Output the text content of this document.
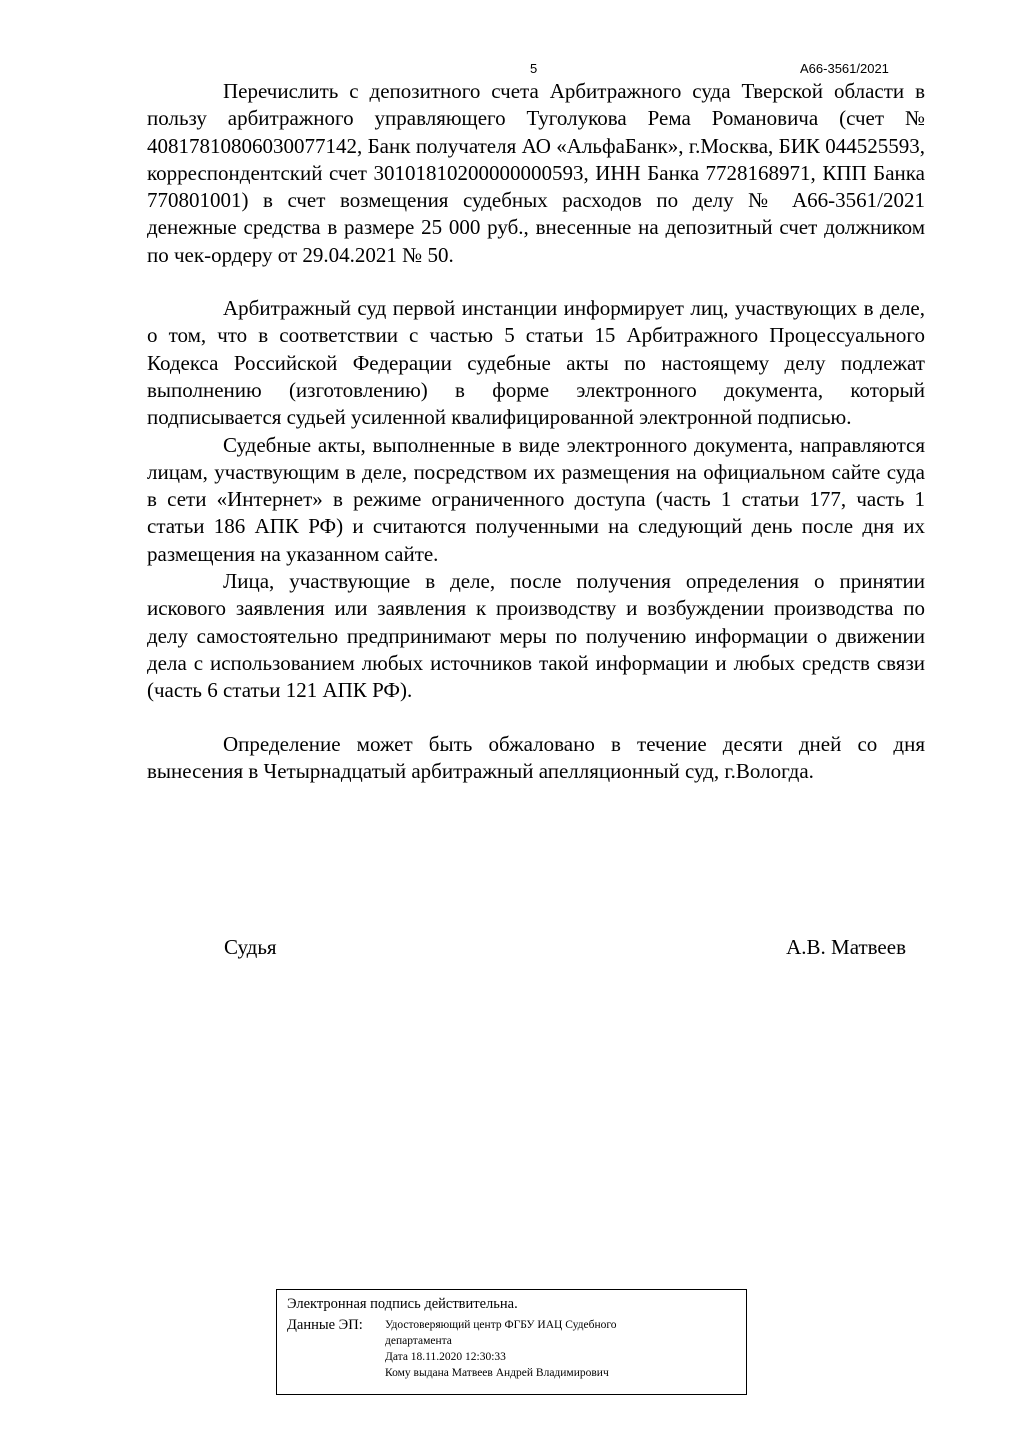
5	А66-3561/2021

Перечислить с депозитного счета Арбитражного суда Тверской области в пользу арбитражного управляющего Туголукова Рема Романовича (счет № 40817810806030077142, Банк получателя АО «АльфаБанк», г.Москва, БИК 044525593, корреспондентский счет 30101810200000000593, ИНН Банка 7728168971, КПП Банка 770801001) в счет возмещения судебных расходов по делу № А66-3561/2021 денежные средства в размере 25 000 руб., внесенные на депозитный счет должником по чек-ордеру от 29.04.2021 № 50.

Арбитражный суд первой инстанции информирует лиц, участвующих в деле, о том, что в соответствии с частью 5 статьи 15 Арбитражного Процессуального Кодекса Российской Федерации судебные акты по настоящему делу подлежат выполнению (изготовлению) в форме электронного документа, который подписывается судьей усиленной квалифицированной электронной подписью.

Судебные акты, выполненные в виде электронного документа, направляются лицам, участвующим в деле, посредством их размещения на официальном сайте суда в сети «Интернет» в режиме ограниченного доступа (часть 1 статьи 177, часть 1 статьи 186 АПК РФ) и считаются полученными на следующий день после дня их размещения на указанном сайте.

Лица, участвующие в деле, после получения определения о принятии искового заявления или заявления к производству и возбуждении производства по делу самостоятельно предпринимают меры по получению информации о движении дела с использованием любых источников такой информации и любых средств связи (часть 6 статьи 121 АПК РФ).

Определение может быть обжаловано в течение десяти дней со дня вынесения в Четырнадцатый арбитражный апелляционный суд, г.Вологда.

Судья	А.В. Матвеев
Электронная подпись действительна.
Данные ЭП:	Удостоверяющий центр ФГБУ ИАЦ Судебного
департамента
Дата 18.11.2020 12:30:33
Кому выдана Матвеев Андрей Владимирович
